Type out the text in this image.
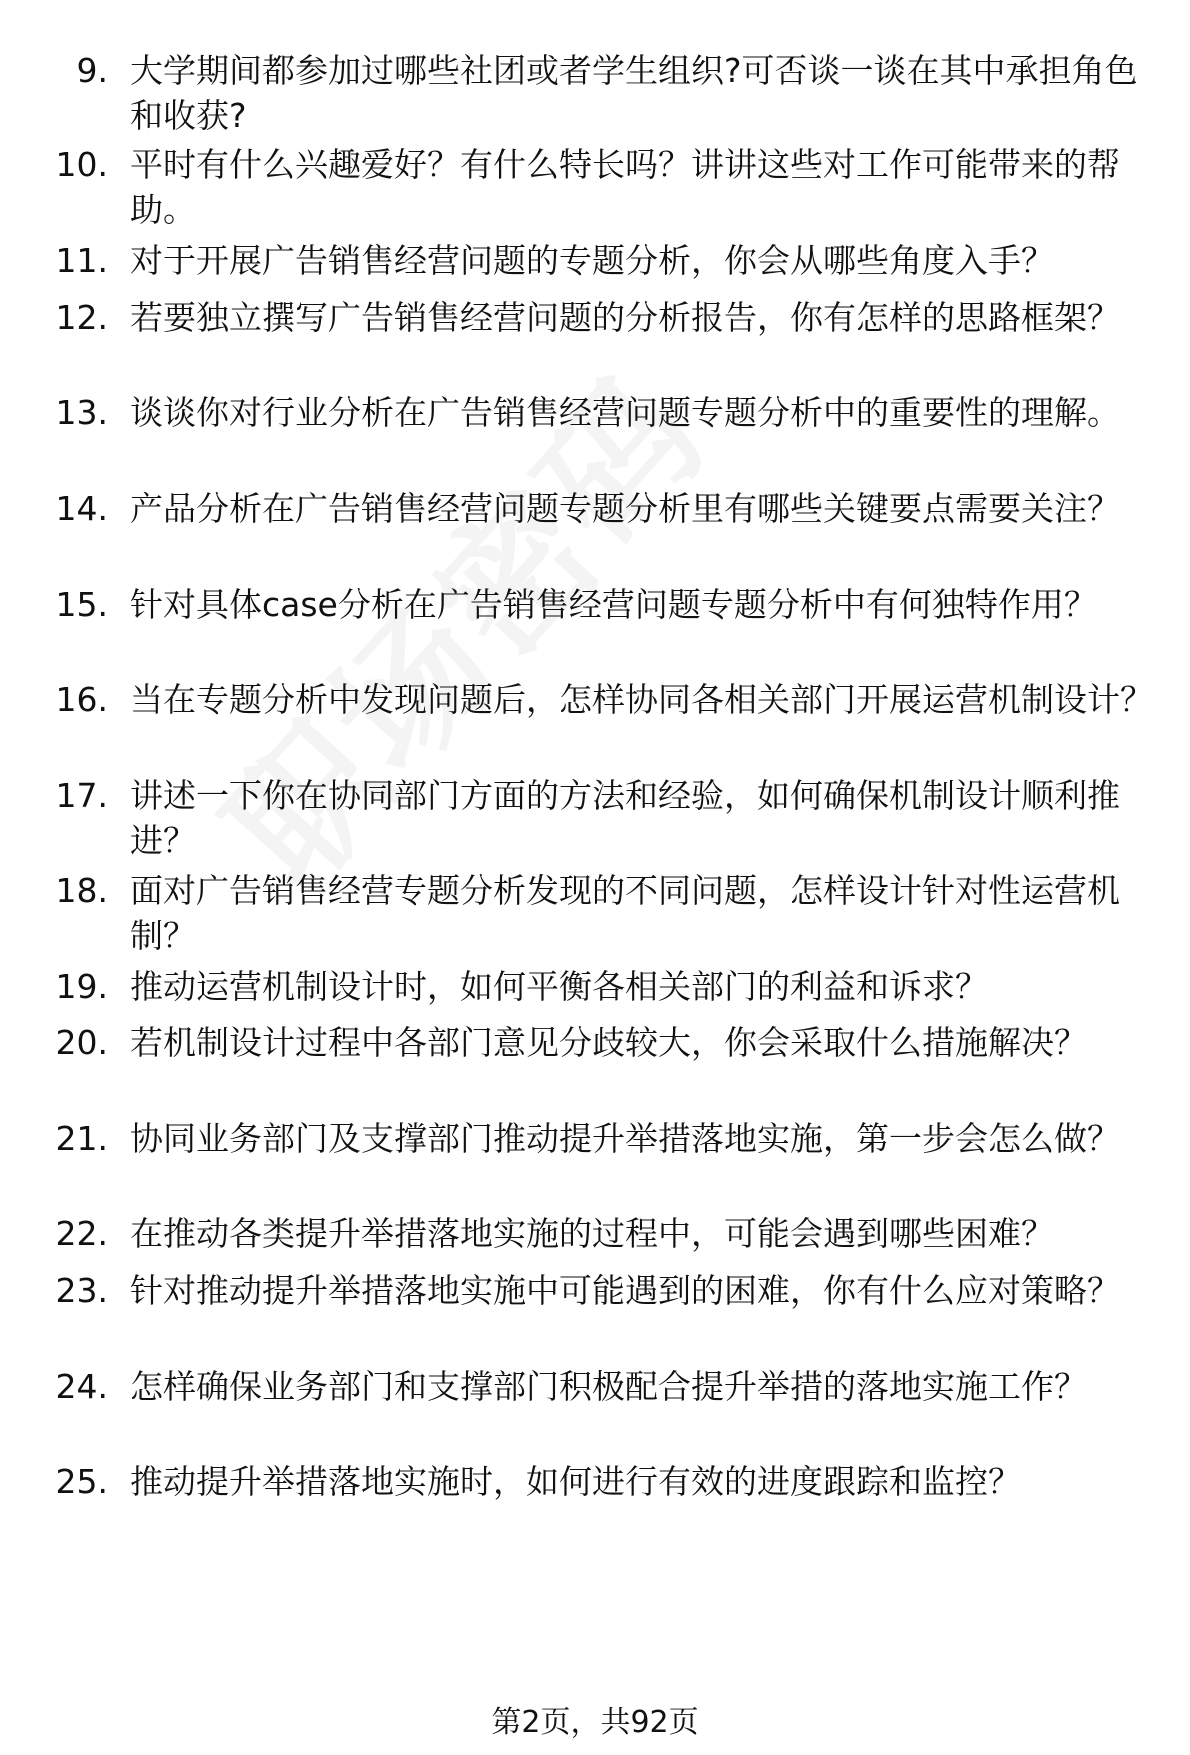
9. 大学期间都参加过哪些社团或者学生组织?可否谈一谈在其中承担角色和收获?
10. 平时有什么兴趣爱好？有什么特长吗？讲讲这些对工作可能带来的帮助。
11. 对于开展广告销售经营问题的专题分析，你会从哪些角度入手？
12. 若要独立撰写广告销售经营问题的分析报告，你有怎样的思路框架？
13. 谈谈你对行业分析在广告销售经营问题专题分析中的重要性的理解。
14. 产品分析在广告销售经营问题专题分析里有哪些关键要点需要关注？
15. 针对具体case分析在广告销售经营问题专题分析中有何独特作用？
16. 当在专题分析中发现问题后，怎样协同各相关部门开展运营机制设计？
17. 讲述一下你在协同部门方面的方法和经验，如何确保机制设计顺利推进？
18. 面对广告销售经营专题分析发现的不同问题，怎样设计针对性运营机制？
19. 推动运营机制设计时，如何平衡各相关部门的利益和诉求？
20. 若机制设计过程中各部门意见分歧较大，你会采取什么措施解决？
21. 协同业务部门及支撑部门推动提升举措落地实施，第一步会怎么做？
22. 在推动各类提升举措落地实施的过程中，可能会遇到哪些困难？
23. 针对推动提升举措落地实施中可能遇到的困难，你有什么应对策略？
24. 怎样确保业务部门和支撑部门积极配合提升举措的落地实施工作？
25. 推动提升举措落地实施时，如何进行有效的进度跟踪和监控？
第2页，共92页
